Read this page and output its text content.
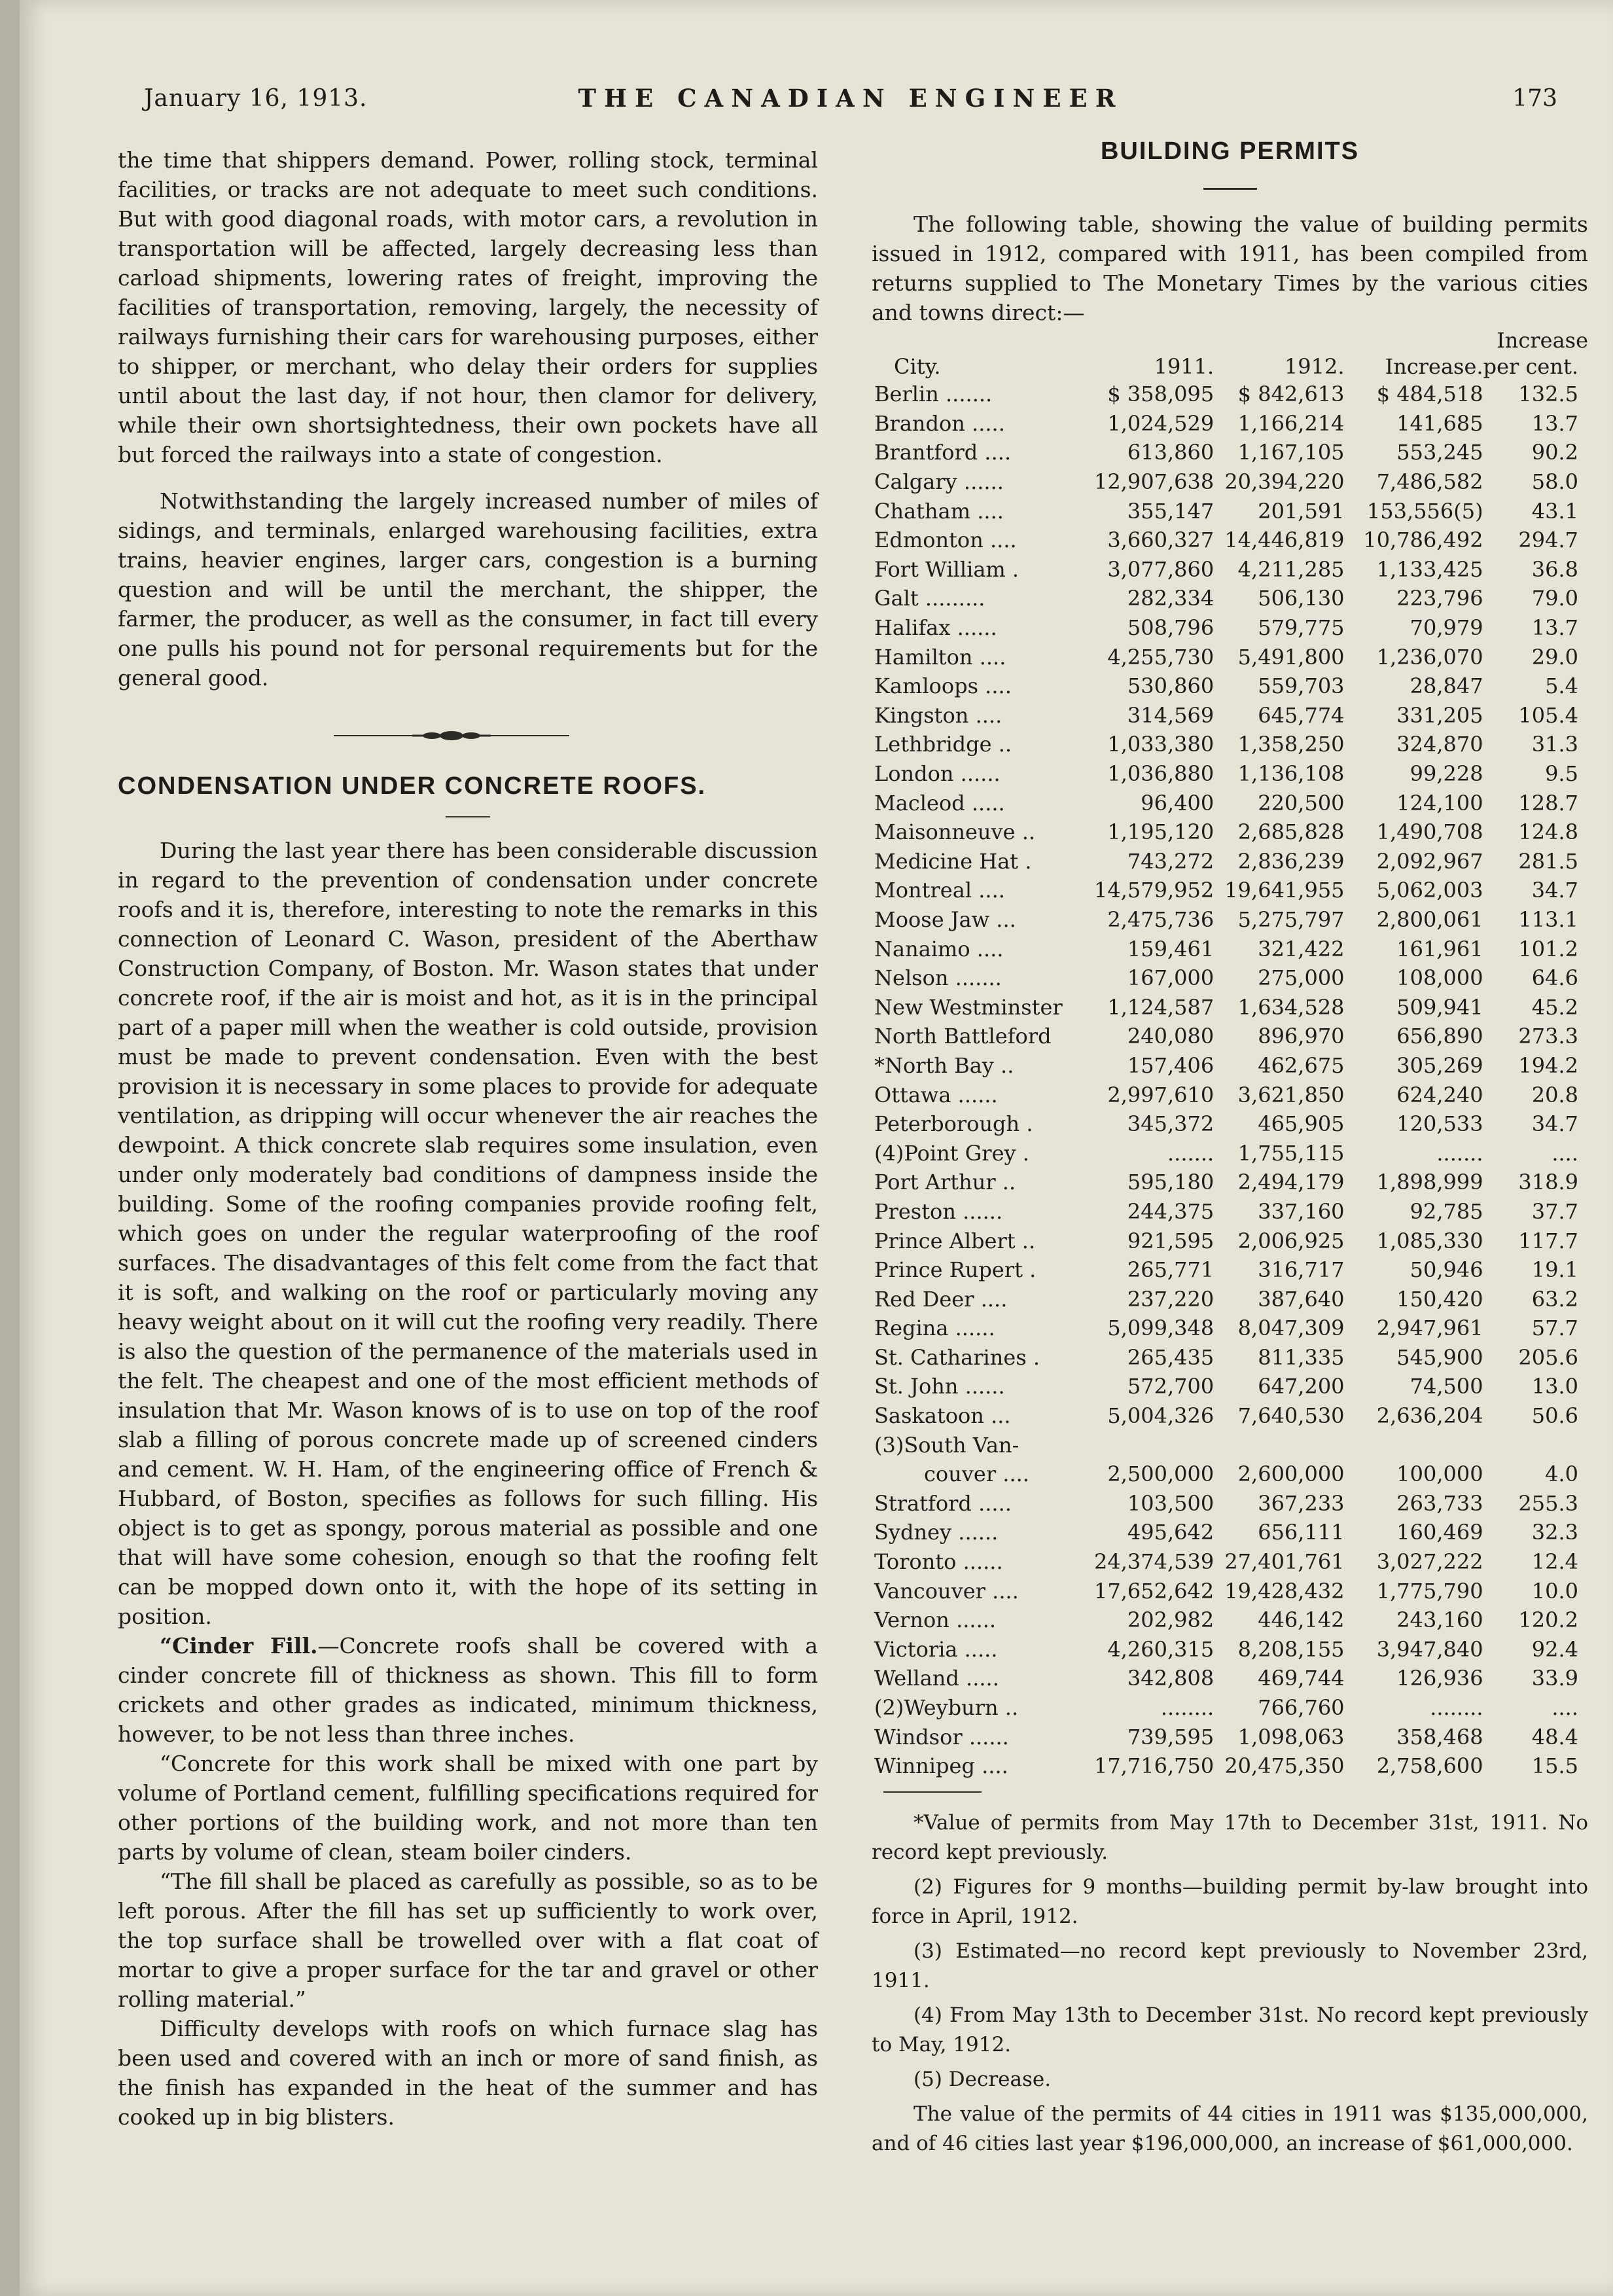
January 16, 1913.	THE CANADIAN ENGINEER	173

the time that shippers demand. Power, rolling stock, terminal facilities, or tracks are not adequate to meet such conditions. But with good diagonal roads, with motor cars, a revolution in transportation will be affected, largely decreasing less than carload shipments, lowering rates of freight, improving the facilities of transportation, removing, largely, the necessity of railways furnishing their cars for warehousing purposes, either to shipper, or merchant, who delay their orders for supplies until about the last day, if not hour, then clamor for delivery, while their own shortsightedness, their own pockets have all but forced the railways into a state of congestion.

Notwithstanding the largely increased number of miles of sidings, and terminals, enlarged warehousing facilities, extra trains, heavier engines, larger cars, congestion is a burning question and will be until the merchant, the shipper, the farmer, the producer, as well as the consumer, in fact till every one pulls his pound not for personal requirements but for the general good.

CONDENSATION UNDER CONCRETE ROOFS.

During the last year there has been considerable discussion in regard to the prevention of condensation under concrete roofs and it is, therefore, interesting to note the remarks in this connection of Leonard C. Wason, president of the Aberthaw Construction Company, of Boston. Mr. Wason states that under concrete roof, if the air is moist and hot, as it is in the principal part of a paper mill when the weather is cold outside, provision must be made to prevent condensation. Even with the best provision it is necessary in some places to provide for adequate ventilation, as dripping will occur whenever the air reaches the dewpoint. A thick concrete slab requires some insulation, even under only moderately bad conditions of dampness inside the building. Some of the roofing companies provide roofing felt, which goes on under the regular waterproofing of the roof surfaces. The disadvantages of this felt come from the fact that it is soft, and walking on the roof or particularly moving any heavy weight about on it will cut the roofing very readily. There is also the question of the permanence of the materials used in the felt. The cheapest and one of the most efficient methods of insulation that Mr. Wason knows of is to use on top of the roof slab a filling of porous concrete made up of screened cinders and cement. W. H. Ham, of the engineering office of French & Hubbard, of Boston, specifies as follows for such filling. His object is to get as spongy, porous material as possible and one that will have some cohesion, enough so that the roofing felt can be mopped down onto it, with the hope of its setting in position.

“Cinder Fill.—Concrete roofs shall be covered with a cinder concrete fill of thickness as shown. This fill to form crickets and other grades as indicated, minimum thickness, however, to be not less than three inches.

“Concrete for this work shall be mixed with one part by volume of Portland cement, fulfilling specifications required for other portions of the building work, and not more than ten parts by volume of clean, steam boiler cinders.

“The fill shall be placed as carefully as possible, so as to be left porous. After the fill has set up sufficiently to work over, the top surface shall be trowelled over with a flat coat of mortar to give a proper surface for the tar and gravel or other rolling material.”

Difficulty develops with roofs on which furnace slag has been used and covered with an inch or more of sand finish, as the finish has expanded in the heat of the summer and has cooked up in big blisters.

BUILDING PERMITS

The following table, showing the value of building permits issued in 1912, compared with 1911, has been compiled from returns supplied to The Monetary Times by the various cities and towns direct:—

Increase
City.	1911.	1912.	Increase.	per cent.
Berlin .......	$ 358,095	$ 842,613	$ 484,518	132.5
Brandon .....	1,024,529	1,166,214	141,685	13.7
Brantford ....	613,860	1,167,105	553,245	90.2
Calgary ......	12,907,638	20,394,220	7,486,582	58.0
Chatham ....	355,147	201,591	153,556(5)	43.1
Edmonton ....	3,660,327	14,446,819	10,786,492	294.7
Fort William .	3,077,860	4,211,285	1,133,425	36.8
Galt .........	282,334	506,130	223,796	79.0
Halifax ......	508,796	579,775	70,979	13.7
Hamilton ....	4,255,730	5,491,800	1,236,070	29.0
Kamloops ....	530,860	559,703	28,847	5.4
Kingston ....	314,569	645,774	331,205	105.4
Lethbridge ..	1,033,380	1,358,250	324,870	31.3
London ......	1,036,880	1,136,108	99,228	9.5
Macleod .....	96,400	220,500	124,100	128.7
Maisonneuve ..	1,195,120	2,685,828	1,490,708	124.8
Medicine Hat .	743,272	2,836,239	2,092,967	281.5
Montreal ....	14,579,952	19,641,955	5,062,003	34.7
Moose Jaw ...	2,475,736	5,275,797	2,800,061	113.1
Nanaimo ....	159,461	321,422	161,961	101.2
Nelson .......	167,000	275,000	108,000	64.6
New Westminster	1,124,587	1,634,528	509,941	45.2
North Battleford	240,080	896,970	656,890	273.3
*North Bay ..	157,406	462,675	305,269	194.2
Ottawa ......	2,997,610	3,621,850	624,240	20.8
Peterborough .	345,372	465,905	120,533	34.7
(4)Point Grey .	.......	1,755,115	.......	....
Port Arthur ..	595,180	2,494,179	1,898,999	318.9
Preston ......	244,375	337,160	92,785	37.7
Prince Albert ..	921,595	2,006,925	1,085,330	117.7
Prince Rupert .	265,771	316,717	50,946	19.1
Red Deer ....	237,220	387,640	150,420	63.2
Regina ......	5,099,348	8,047,309	2,947,961	57.7
St. Catharines .	265,435	811,335	545,900	205.6
St. John ......	572,700	647,200	74,500	13.0
Saskatoon ...	5,004,326	7,640,530	2,636,204	50.6
(3)South Van-				
couver ....	2,500,000	2,600,000	100,000	4.0
Stratford .....	103,500	367,233	263,733	255.3
Sydney ......	495,642	656,111	160,469	32.3
Toronto ......	24,374,539	27,401,761	3,027,222	12.4
Vancouver ....	17,652,642	19,428,432	1,775,790	10.0
Vernon ......	202,982	446,142	243,160	120.2
Victoria .....	4,260,315	8,208,155	3,947,840	92.4
Welland .....	342,808	469,744	126,936	33.9
(2)Weyburn ..	........	766,760	........	....
Windsor ......	739,595	1,098,063	358,468	48.4
Winnipeg ....	17,716,750	20,475,350	2,758,600	15.5

*Value of permits from May 17th to December 31st, 1911. No record kept previously.

(2) Figures for 9 months—building permit by-law brought into force in April, 1912.

(3) Estimated—no record kept previously to November 23rd, 1911.

(4) From May 13th to December 31st. No record kept previously to May, 1912.

(5) Decrease.

The value of the permits of 44 cities in 1911 was $135,000,000, and of 46 cities last year $196,000,000, an increase of $61,000,000.
